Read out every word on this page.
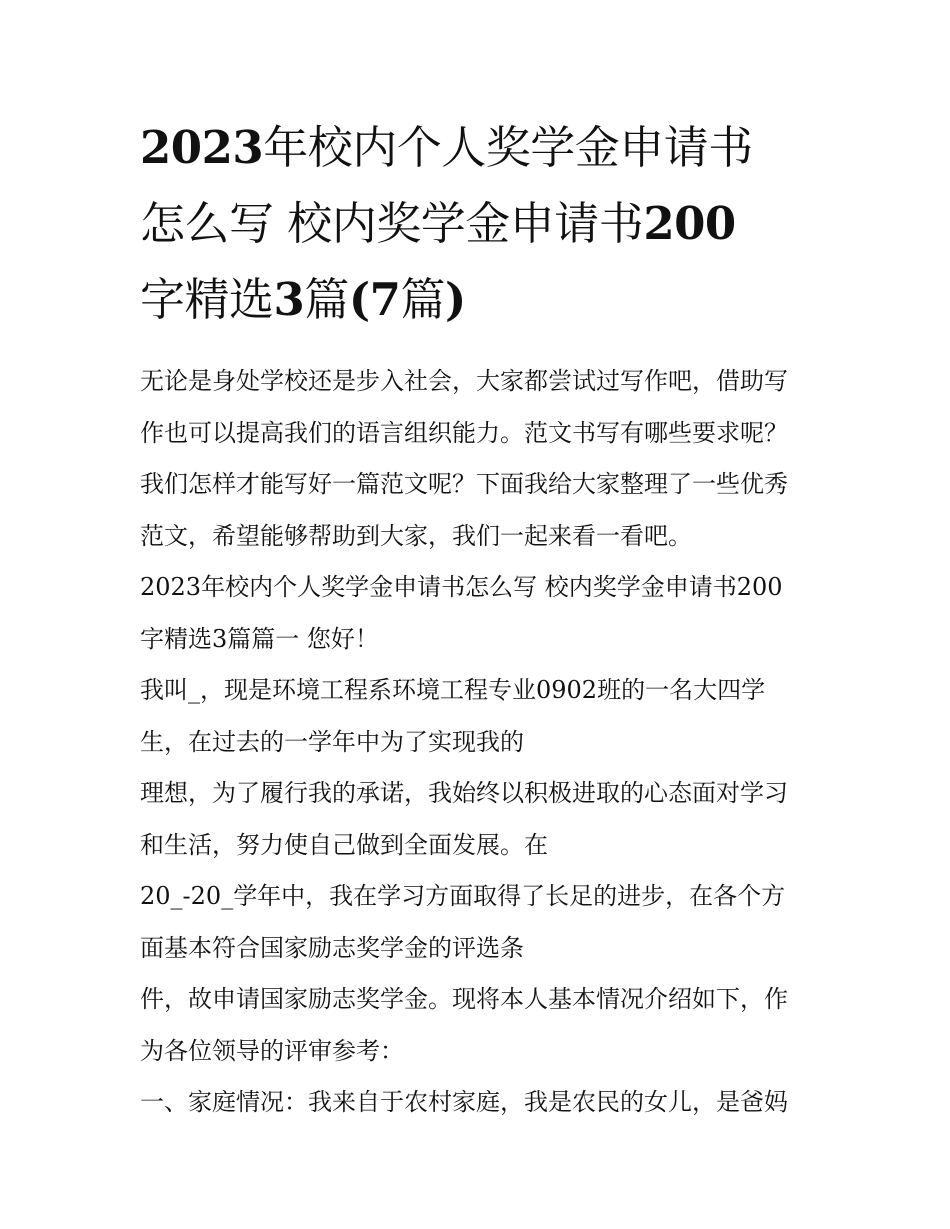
2023年校内个人奖学金申请书
怎么写 校内奖学金申请书200
字精选3篇(7篇)
无论是身处学校还是步入社会，大家都尝试过写作吧，借助写
作也可以提高我们的语言组织能力。范文书写有哪些要求呢？
我们怎样才能写好一篇范文呢？下面我给大家整理了一些优秀
范文，希望能够帮助到大家，我们一起来看一看吧。
2023年校内个人奖学金申请书怎么写 校内奖学金申请书200
字精选3篇篇一 您好！
我叫_，现是环境工程系环境工程专业0902班的一名大四学
生，在过去的一学年中为了实现我的
理想，为了履行我的承诺，我始终以积极进取的心态面对学习
和生活，努力使自己做到全面发展。在
20_-20_学年中，我在学习方面取得了长足的进步，在各个方
面基本符合国家励志奖学金的评选条
件，故申请国家励志奖学金。现将本人基本情况介绍如下，作
为各位领导的评审参考：
一、家庭情况：我来自于农村家庭，我是农民的女儿，是爸妈
